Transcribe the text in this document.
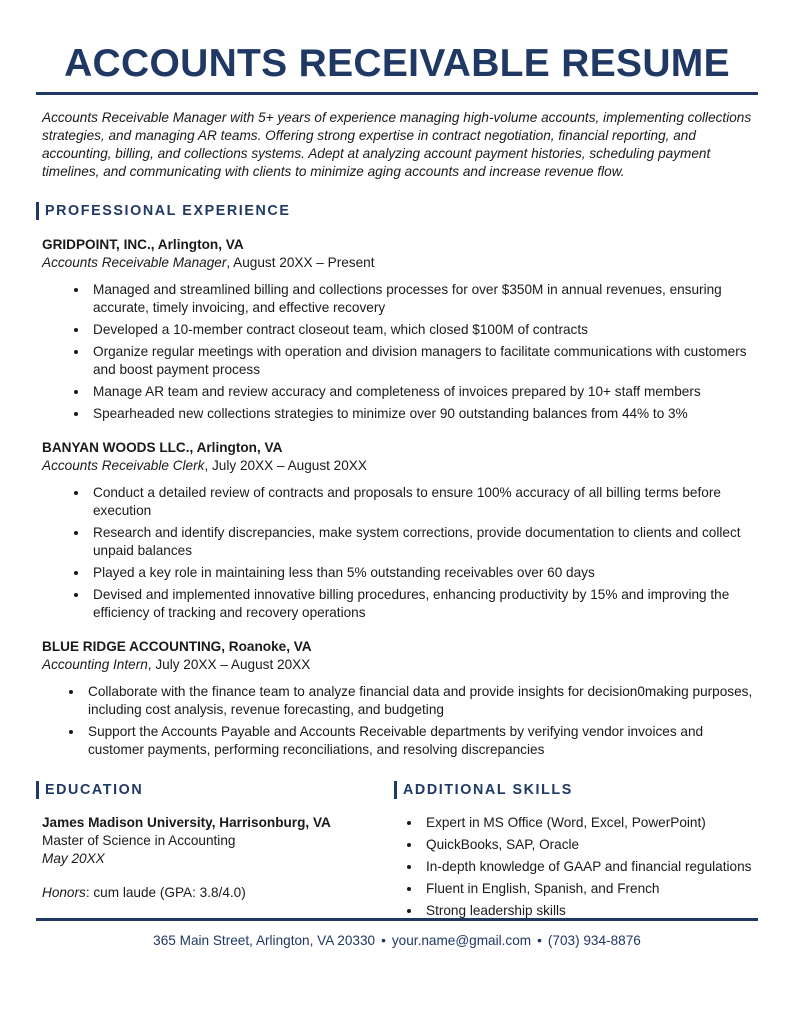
ACCOUNTS RECEIVABLE RESUME

Accounts Receivable Manager with 5+ years of experience managing high-volume accounts, implementing collections strategies, and managing AR teams. Offering strong expertise in contract negotiation, financial reporting, and accounting, billing, and collections systems. Adept at analyzing account payment histories, scheduling payment timelines, and communicating with clients to minimize aging accounts and increase revenue flow.

PROFESSIONAL EXPERIENCE
GRIDPOINT, INC., Arlington, VA
Accounts Receivable Manager, August 20XX – Present
• Managed and streamlined billing and collections processes for over $350M in annual revenues, ensuring accurate, timely invoicing, and effective recovery
• Developed a 10-member contract closeout team, which closed $100M of contracts
• Organize regular meetings with operation and division managers to facilitate communications with customers and boost payment process
• Manage AR team and review accuracy and completeness of invoices prepared by 10+ staff members
• Spearheaded new collections strategies to minimize over 90 outstanding balances from 44% to 3%
BANYAN WOODS LLC., Arlington, VA
Accounts Receivable Clerk, July 20XX – August 20XX
• Conduct a detailed review of contracts and proposals to ensure 100% accuracy of all billing terms before execution
• Research and identify discrepancies, make system corrections, provide documentation to clients and collect unpaid balances
• Played a key role in maintaining less than 5% outstanding receivables over 60 days
• Devised and implemented innovative billing procedures, enhancing productivity by 15% and improving the efficiency of tracking and recovery operations
BLUE RIDGE ACCOUNTING, Roanoke, VA
Accounting Intern, July 20XX – August 20XX
• Collaborate with the finance team to analyze financial data and provide insights for decision0making purposes, including cost analysis, revenue forecasting, and budgeting
• Support the Accounts Payable and Accounts Receivable departments by verifying vendor invoices and customer payments, performing reconciliations, and resolving discrepancies
EDUCATION
James Madison University, Harrisonburg, VA
Master of Science in Accounting
May 20XX
Honors: cum laude (GPA: 3.8/4.0)
ADDITIONAL SKILLS
• Expert in MS Office (Word, Excel, PowerPoint)
• QuickBooks, SAP, Oracle
• In-depth knowledge of GAAP and financial regulations
• Fluent in English, Spanish, and French
• Strong leadership skills
365 Main Street, Arlington, VA 20330 • your.name@gmail.com • (703) 934-8876
